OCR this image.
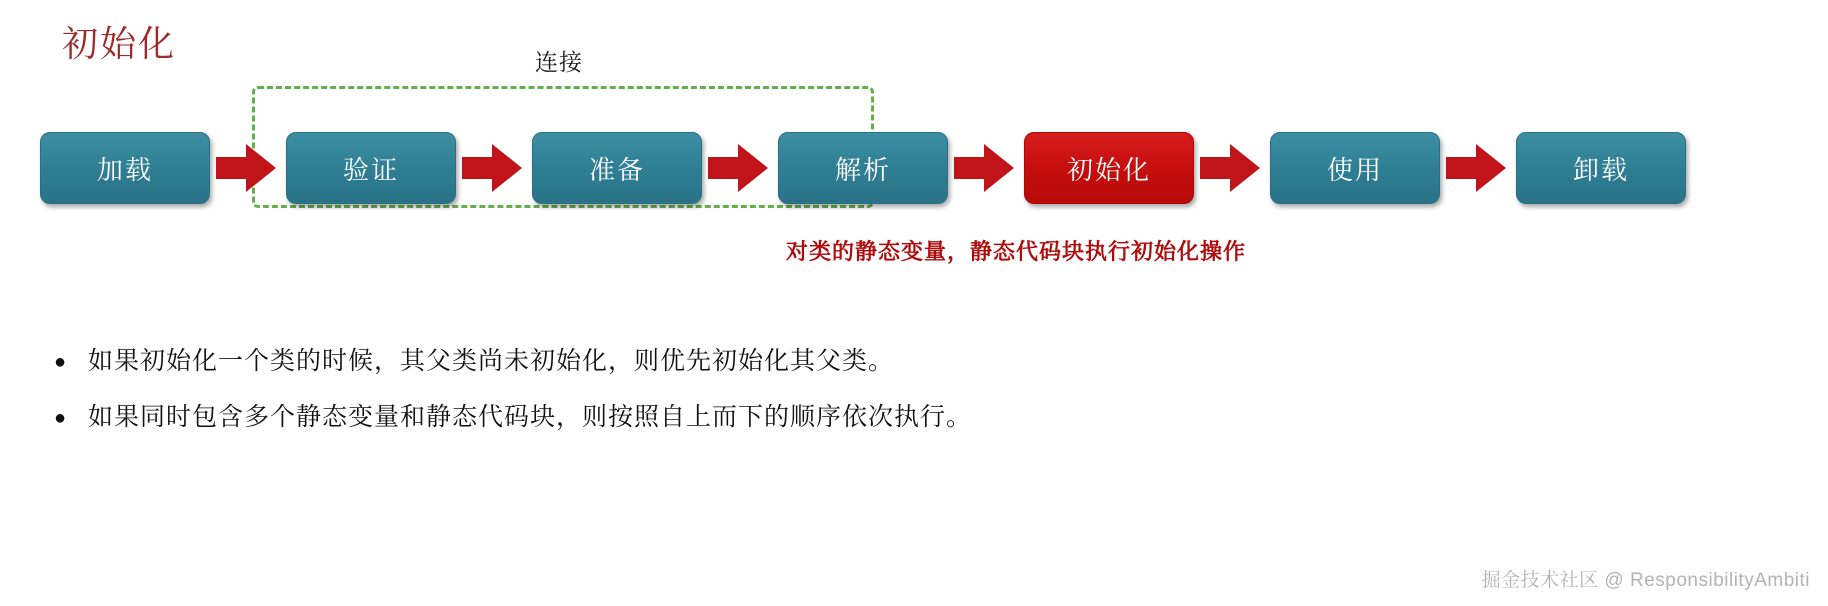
初始化	连接
加载	验证	准备	解析	初始化	使用	卸载
对类的静态变量，静态代码块执行初始化操作
● 如果初始化一个类的时候，其父类尚未初始化，则优先初始化其父类。
● 如果同时包含多个静态变量和静态代码块，则按照自上而下的顺序依次执行。
掘金技术社区 @ ResponsibilityAmbiti
